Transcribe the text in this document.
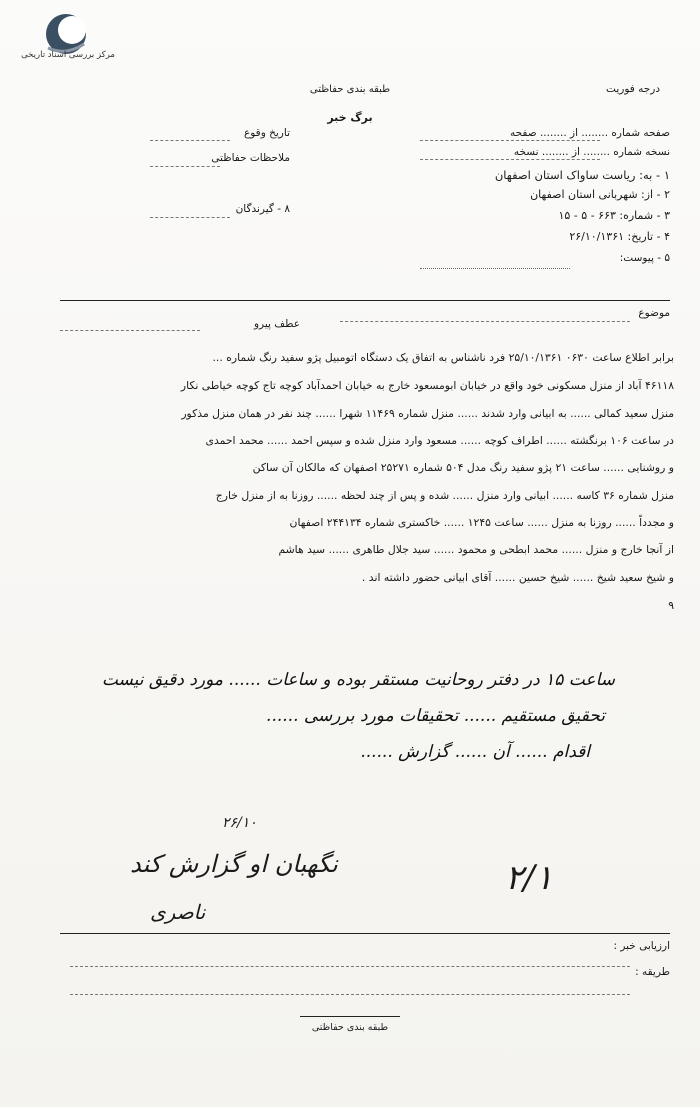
مرکز بررسی اسناد تاریخی
درجه فوریت
طبقه بندی حفاظتی
برگ خبر
صفحه شماره ........ از ........ صفحه
نسخه شماره ........ از ........ نسخه
۱ - به: ریاست ساواک استان اصفهان
۲ - از: شهربانی استان اصفهان
۳ - شماره: ۶۶۳ - ۵ - ۱۵
۴ - تاریخ: ۲۶/۱۰/۱۳۶۱
۵ - پیوست:
تاریخ وقوع
ملاحظات حفاظتی
۸ - گیرندگان
موضوع
عطف پیرو
برابر اطلاع ساعت ۰۶۳۰ ۲۵/۱۰/۱۳۶۱ فرد ناشناس به اتفاق یک دستگاه اتومبیل پژو سفید رنگ شماره ...
۴۶۱۱۸ آباد از منزل مسکونی خود واقع در خیابان ابومسعود خارج به خیابان احمدآباد کوچه تاج کوچه خیاطی نکار
منزل سعید کمالی ...... به ابیانی وارد شدند ...... منزل شماره ۱۱۴۶۹ شهرا ...... چند نفر در همان منزل مذکور
در ساعت ۱۰۶ برنگشته ...... اطراف کوچه ...... مسعود وارد منزل شده و سپس احمد ...... محمد احمدی
و روشنایی ...... ساعت ۲۱ پژو سفید رنگ مدل ۵۰۴ شماره ۲۵۲۷۱ اصفهان که مالکان آن ساکن
منزل شماره ۳۶ کاسه ...... ابیانی وارد منزل ...... شده و پس از چند لحظه ...... روزنا به از منزل خارج
و مجدداً ...... روزنا به منزل ...... ساعت ۱۲۴۵ ...... خاکستری شماره ۲۴۴۱۳۴ اصفهان
از آنجا خارج و منزل ...... محمد ابطحی و محمود ...... سید جلال طاهری ...... سید هاشم
و شیخ سعید شیخ ...... شیخ حسین ...... آقای ابیانی حضور داشته اند .
۹
ساعت ۱۵ در دفتر روحانیت مستقر بوده و ساعات ...... مورد دقیق نیست
تحقیق مستقیم ...... تحقیقات مورد بررسی ......
اقدام ...... آن ...... گزارش ......
۲۶/۱۰
نگهبان او گزارش کند
ناصری
۲/۱
ارزیابی خبر :
طریقه :
طبقه بندی حفاظتی
